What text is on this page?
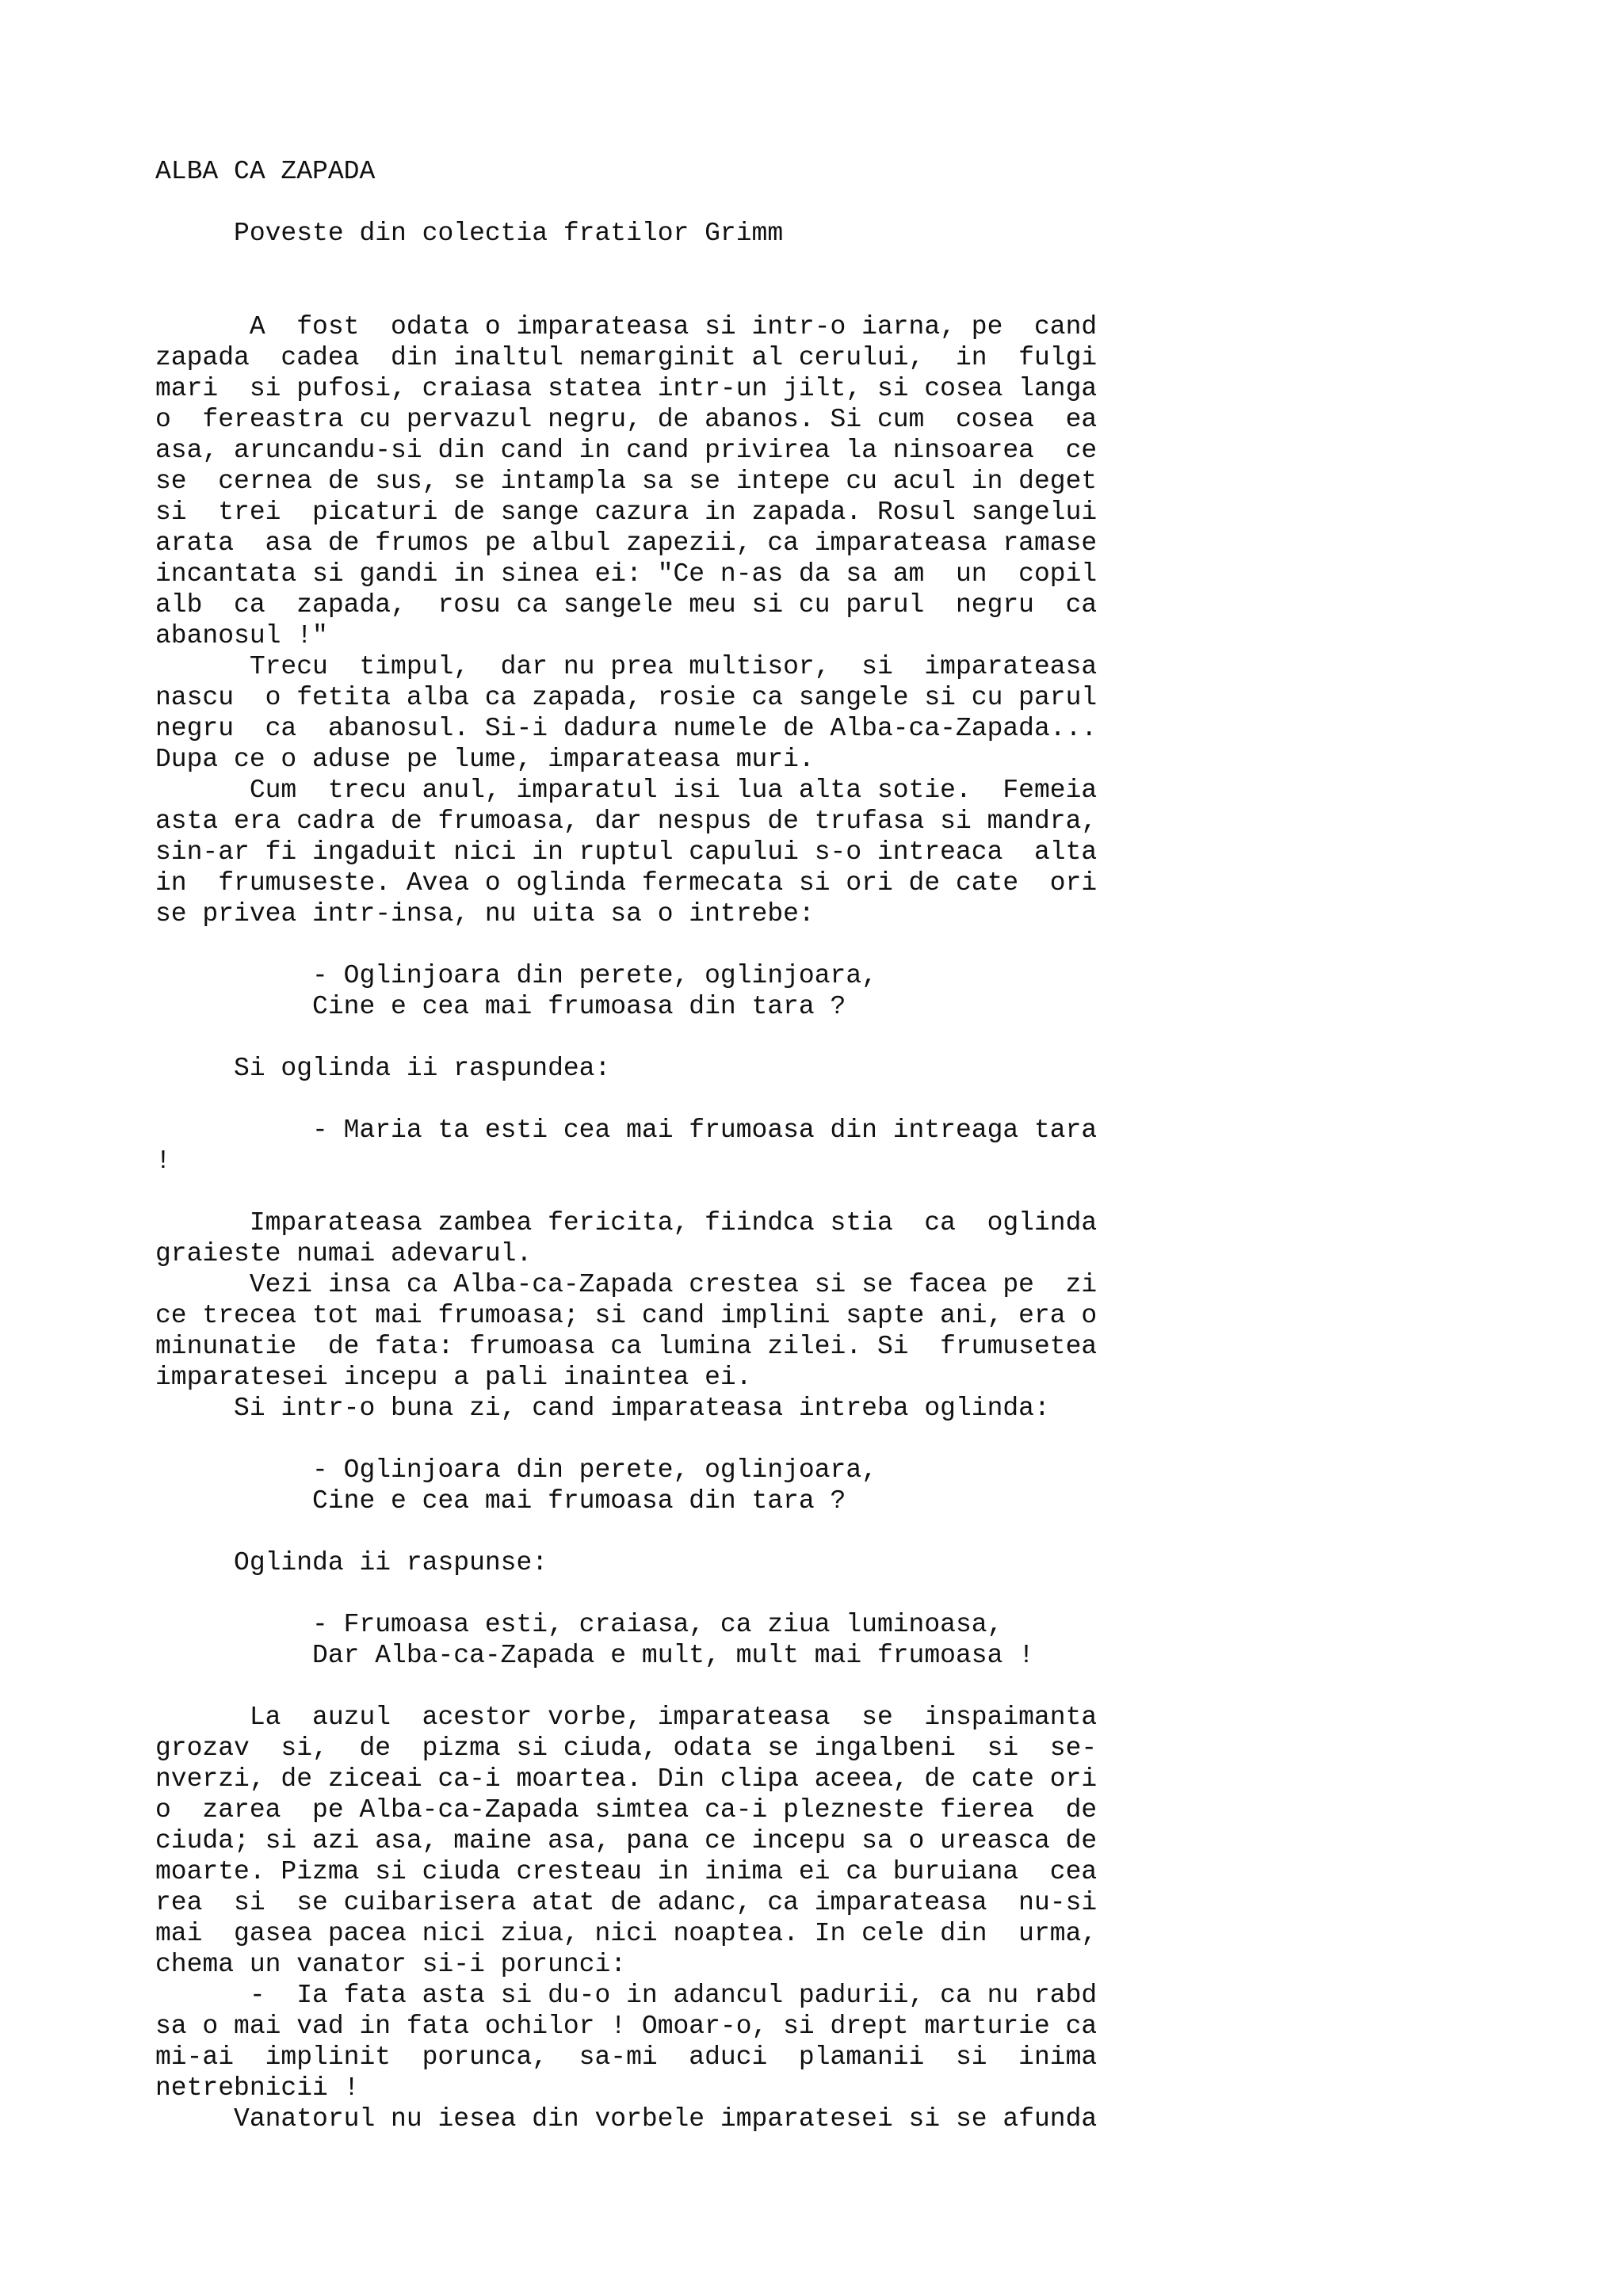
ALBA CA ZAPADA
Poveste din colectia fratilor Grimm
A  fost  odata o imparateasa si intr-o iarna, pe  cand
zapada  cadea  din inaltul nemarginit al cerului,  in  fulgi
mari  si pufosi, craiasa statea intr-un jilt, si cosea langa
o  fereastra cu pervazul negru, de abanos. Si cum  cosea  ea
asa, aruncandu-si din cand in cand privirea la ninsoarea  ce
se  cernea de sus, se intampla sa se intepe cu acul in deget
si  trei  picaturi de sange cazura in zapada. Rosul sangelui
arata  asa de frumos pe albul zapezii, ca imparateasa ramase
incantata si gandi in sinea ei: "Ce n-as da sa am  un  copil
alb  ca  zapada,  rosu ca sangele meu si cu parul  negru  ca
abanosul !"
Trecu  timpul,  dar nu prea multisor,  si  imparateasa
nascu  o fetita alba ca zapada, rosie ca sangele si cu parul
negru  ca  abanosul. Si-i dadura numele de Alba-ca-Zapada...
Dupa ce o aduse pe lume, imparateasa muri.
Cum  trecu anul, imparatul isi lua alta sotie.  Femeia
asta era cadra de frumoasa, dar nespus de trufasa si mandra,
sin-ar fi ingaduit nici in ruptul capului s-o intreaca  alta
in  frumuseste. Avea o oglinda fermecata si ori de cate  ori
se privea intr-insa, nu uita sa o intrebe:
- Oglinjoara din perete, oglinjoara,
Cine e cea mai frumoasa din tara ?
Si oglinda ii raspundea:
- Maria ta esti cea mai frumoasa din intreaga tara
!
Imparateasa zambea fericita, fiindca stia  ca  oglinda
graieste numai adevarul.
Vezi insa ca Alba-ca-Zapada crestea si se facea pe  zi
ce trecea tot mai frumoasa; si cand implini sapte ani, era o
minunatie  de fata: frumoasa ca lumina zilei. Si  frumusetea
imparatesei incepu a pali inaintea ei.
Si intr-o buna zi, cand imparateasa intreba oglinda:
- Oglinjoara din perete, oglinjoara,
Cine e cea mai frumoasa din tara ?
Oglinda ii raspunse:
- Frumoasa esti, craiasa, ca ziua luminoasa,
Dar Alba-ca-Zapada e mult, mult mai frumoasa !
La  auzul  acestor vorbe, imparateasa  se  inspaimanta
grozav  si,  de  pizma si ciuda, odata se ingalbeni  si  se-
nverzi, de ziceai ca-i moartea. Din clipa aceea, de cate ori
o  zarea  pe Alba-ca-Zapada simtea ca-i plezneste fierea  de
ciuda; si azi asa, maine asa, pana ce incepu sa o ureasca de
moarte. Pizma si ciuda cresteau in inima ei ca buruiana  cea
rea  si  se cuibarisera atat de adanc, ca imparateasa  nu-si
mai  gasea pacea nici ziua, nici noaptea. In cele din  urma,
chema un vanator si-i porunci:
-  Ia fata asta si du-o in adancul padurii, ca nu rabd
sa o mai vad in fata ochilor ! Omoar-o, si drept marturie ca
mi-ai  implinit  porunca,  sa-mi  aduci  plamanii  si  inima
netrebnicii !
Vanatorul nu iesea din vorbele imparatesei si se afunda
